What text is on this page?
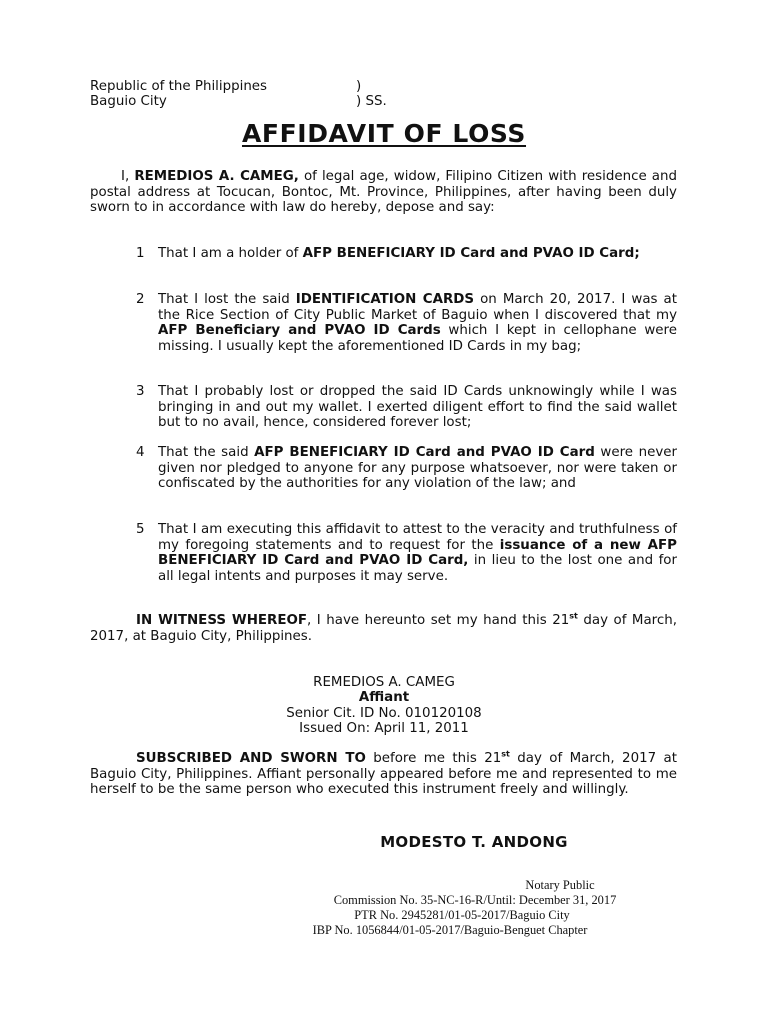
Republic of the Philippines	)
Baguio City	) SS.
AFFIDAVIT OF LOSS
I, REMEDIOS A. CAMEG, of legal age, widow, Filipino Citizen with residence and postal address at Tocucan, Bontoc, Mt. Province, Philippines, after having been duly sworn to in accordance with law do hereby, depose and say:
1 That I am a holder of AFP BENEFICIARY ID Card and PVAO ID Card;
2 That I lost the said IDENTIFICATION CARDS on March 20, 2017. I was at the Rice Section of City Public Market of Baguio when I discovered that my AFP Beneficiary and PVAO ID Cards which I kept in cellophane were missing. I usually kept the aforementioned ID Cards in my bag;
3 That I probably lost or dropped the said ID Cards unknowingly while I was bringing in and out my wallet. I exerted diligent effort to find the said wallet but to no avail, hence, considered forever lost;
4 That the said AFP BENEFICIARY ID Card and PVAO ID Card were never given nor pledged to anyone for any purpose whatsoever, nor were taken or confiscated by the authorities for any violation of the law; and
5 That I am executing this affidavit to attest to the veracity and truthfulness of my foregoing statements and to request for the issuance of a new AFP BENEFICIARY ID Card and PVAO ID Card, in lieu to the lost one and for all legal intents and purposes it may serve.
IN WITNESS WHEREOF, I have hereunto set my hand this 21st day of March, 2017, at Baguio City, Philippines.
REMEDIOS A. CAMEG
Affiant
Senior Cit. ID No. 010120108
Issued On: April 11, 2011
SUBSCRIBED AND SWORN TO before me this 21st day of March, 2017 at Baguio City, Philippines. Affiant personally appeared before me and represented to me herself to be the same person who executed this instrument freely and willingly.
MODESTO T. ANDONG
Notary Public
Commission No. 35-NC-16-R/Until: December 31, 2017
PTR No. 2945281/01-05-2017/Baguio City
IBP No. 1056844/01-05-2017/Baguio-Benguet Chapter
